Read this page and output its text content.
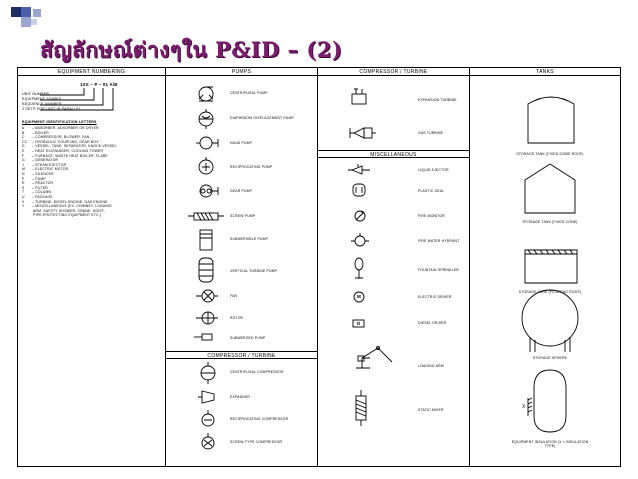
สัญลักษณ์ต่างๆใน P&ID – (2)
EQUIPMENT NUMBERING
1XX – P – 01 A/B
UNIT NUMBER
EQUIPMENT SYMBOL
SEQUENCE NUMBER
2 SETS FOR UNIT IN PARALLEL
EQUIPMENT IDENTIFICATION LETTERS
A – ABSORBER, ADSORBER OR DRYER
B – BOILER
C – COMPRESSOR, BLOWER, FAN
CC – HYDRAULIC COUPLING, GEAR BOX
D – VESSEL, TANK, SEPARATOR, KNOCK VESSEL
E – HEAT EXCHANGER, COOLING TOWER
F – FURNACE, WASTE HEAT BOILER, FLARE
G – GENERATOR
J – STEAM EJECTOR
M – ELECTRIC MOTOR
N – SILENCER
P – PUMP
R – REACTOR
S – FILTER
T – COLUMN
U – PACKAGE
X – TURBINE, DIESEL ENGINE, GAS ENGINE
Y – MISCELLANEOUS (EX. CHIMNEY, LOADING
ARM, SAFETY SHOWER, CRANE, HOIST,
PIPE-PROTECTING EQUIPMENT ETC.)
PUMPS
CENTRIFUGAL PUMP
DIAPHRAGM DISPLACEMENT PUMP
HAND PUMP
RECIPROCATING PUMP
GEAR PUMP
SCREW PUMP
SUBMERSIBLE PUMP
VERTICAL TURBINE PUMP
FAN
ROTOR
SUBMERGED PUMP
COMPRESSOR / TURBINE
CENTRIFUGAL COMPRESSOR
EXPANDER
RECIPROCATING COMPRESSOR
SCREW-TYPE COMPRESSOR
COMPRESSOR / TURBINE
EXPANSION TURBINE
GAS TURBINE
MISCELLANEOUS
LIQUID EJECTOR
PLASTIC SEAL
FIRE MONITOR
FIRE WATER HYDRANT
FOUNTAIN SPRINKLER
ELECTRIC DRIVER
DIESEL DRIVER
LOADING ARM
STATIC MIXER
M
D
TANKS
STORAGE TANK (FIXED DOME ROOF)
STORAGE TANK (FIXED CONE)
STORAGE TANK (FLOATING ROOF)
STORAGE SPHERE
EQUIPMENT INSULATION (X = INSULATION TYPE)
X
